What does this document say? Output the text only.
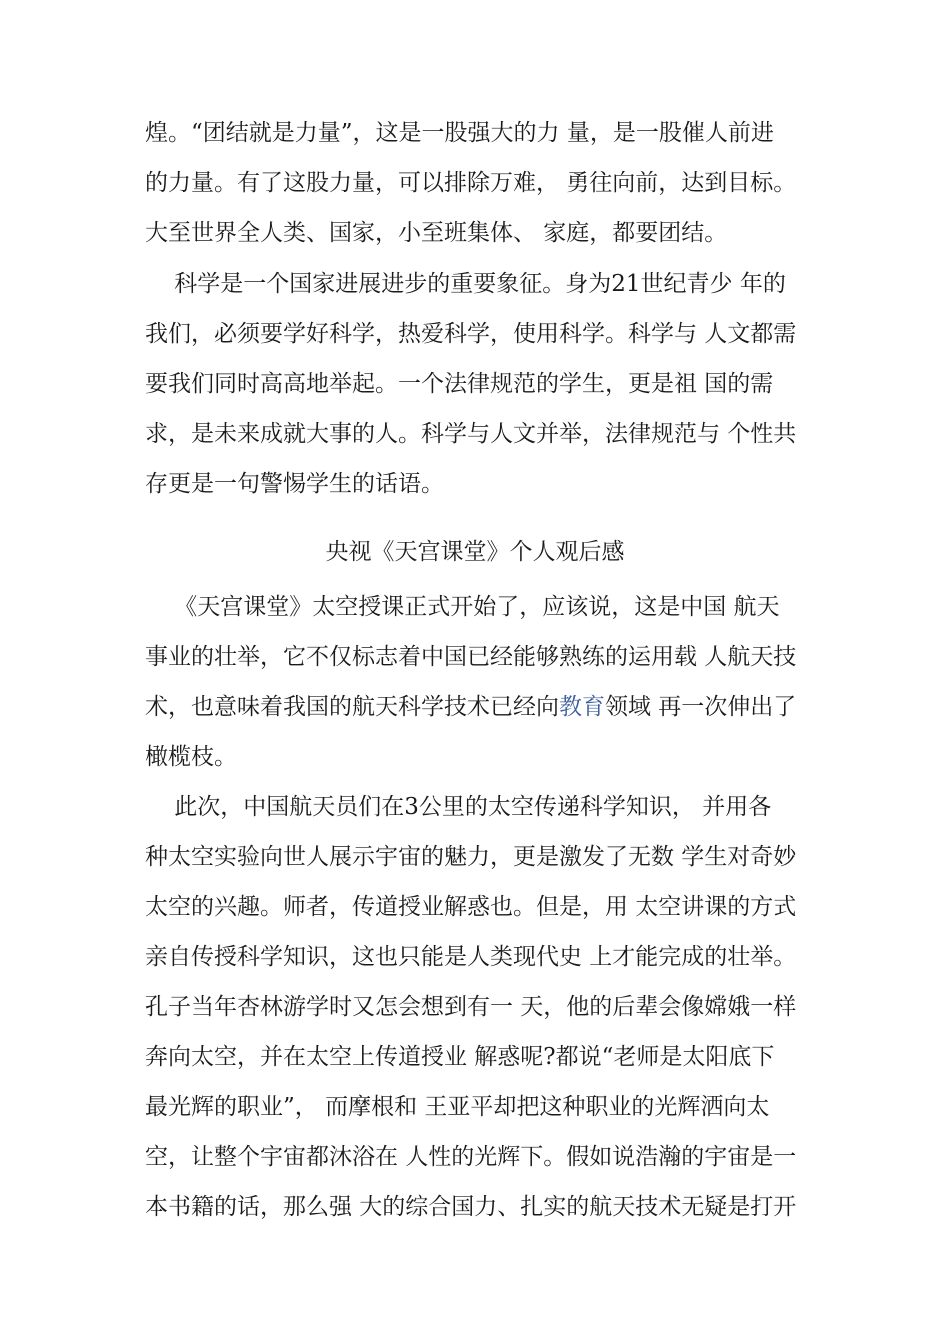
煌。“团结就是力量”，这是一股强大的力 量，是一股催人前进
的力量。有了这股力量，可以排除万难， 勇往向前，达到目标。
大至世界全人类、国家，小至班集体、 家庭，都要团结。
科学是一个国家进展进步的重要象征。身为21世纪青少 年的
我们，必须要学好科学，热爱科学，使用科学。科学与 人文都需
要我们同时高高地举起。一个法律规范的学生，更是祖 国的需
求，是未来成就大事的人。科学与人文并举，法律规范与 个性共
存更是一句警惕学生的话语。
央视《天宫课堂》个人观后感
《天宫课堂》太空授课正式开始了，应该说，这是中国 航天
事业的壮举，它不仅标志着中国已经能够熟练的运用载 人航天技
术，也意味着我国的航天科学技术已经向教育领域 再一次伸出了
橄榄枝。
此次，中国航天员们在3公里的太空传递科学知识， 并用各
种太空实验向世人展示宇宙的魅力，更是激发了无数 学生对奇妙
太空的兴趣。师者，传道授业解惑也。但是，用 太空讲课的方式
亲自传授科学知识，这也只能是人类现代史 上才能完成的壮举。
孔子当年杏林游学时又怎会想到有一 天，他的后辈会像嫦娥一样
奔向太空，并在太空上传道授业 解惑呢?都说“老师是太阳底下
最光辉的职业”， 而摩根和 王亚平却把这种职业的光辉洒向太
空，让整个宇宙都沐浴在 人性的光辉下。假如说浩瀚的宇宙是一
本书籍的话，那么强 大的综合国力、扎实的航天技术无疑是打开
